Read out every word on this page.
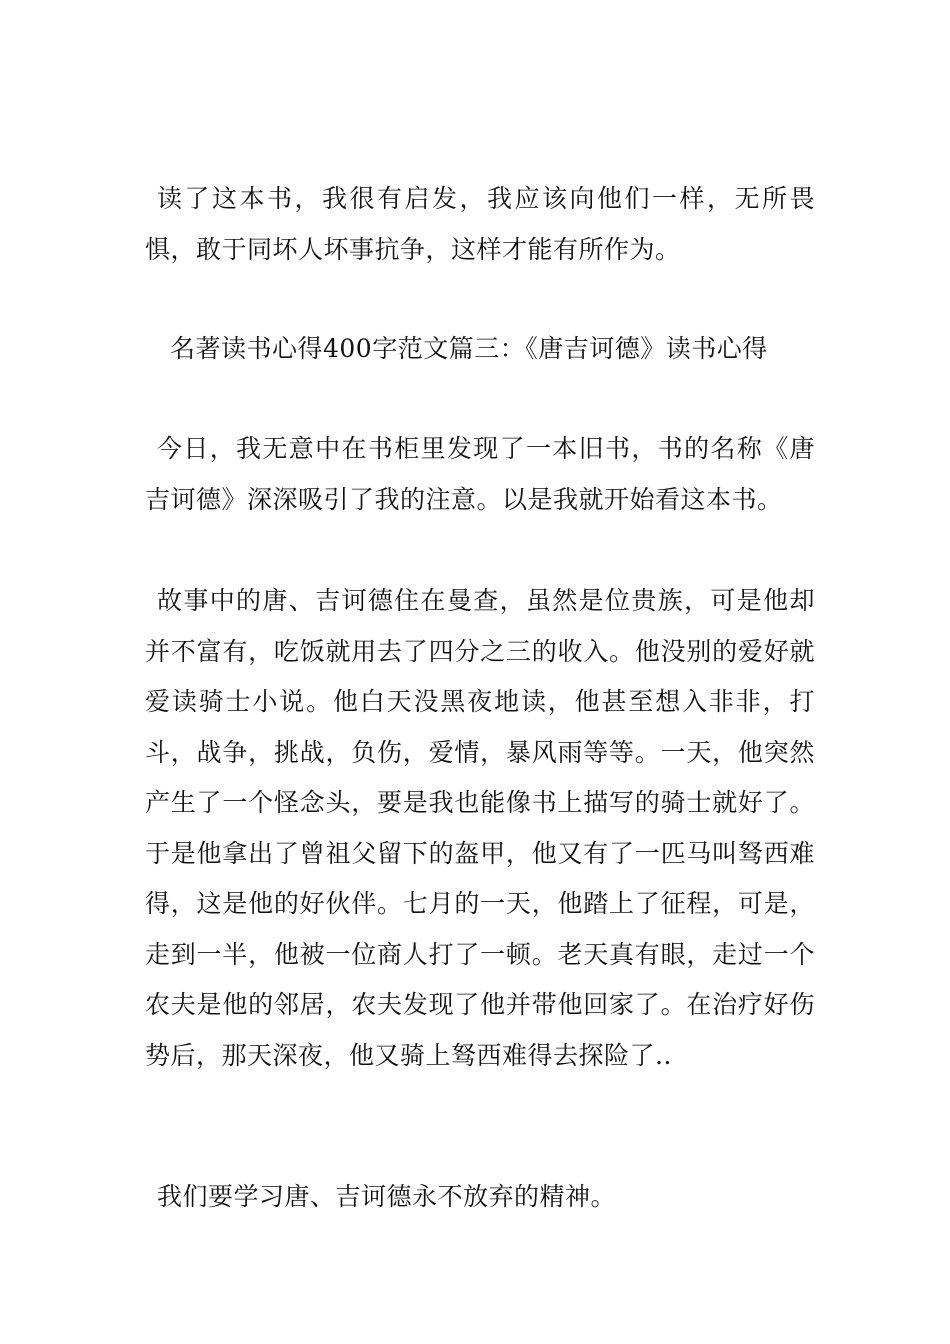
读了这本书，我很有启发，我应该向他们一样，无所畏惧，敢于同坏人坏事抗争，这样才能有所作为。

名著读书心得400字范文篇三：《唐吉诃德》读书心得

今日，我无意中在书柜里发现了一本旧书，书的名称《唐吉诃德》深深吸引了我的注意。以是我就开始看这本书。

故事中的唐、吉诃德住在曼查，虽然是位贵族，可是他却并不富有，吃饭就用去了四分之三的收入。他没别的爱好就爱读骑士小说。他白天没黑夜地读，他甚至想入非非，打斗，战争，挑战，负伤，爱情，暴风雨等等。一天，他突然产生了一个怪念头，要是我也能像书上描写的骑士就好了。于是他拿出了曾祖父留下的盔甲，他又有了一匹马叫驽西难得，这是他的好伙伴。七月的一天，他踏上了征程，可是，走到一半，他被一位商人打了一顿。老天真有眼，走过一个农夫是他的邻居，农夫发现了他并带他回家了。在治疗好伤势后，那天深夜，他又骑上驽西难得去探险了..

我们要学习唐、吉诃德永不放弃的精神。
